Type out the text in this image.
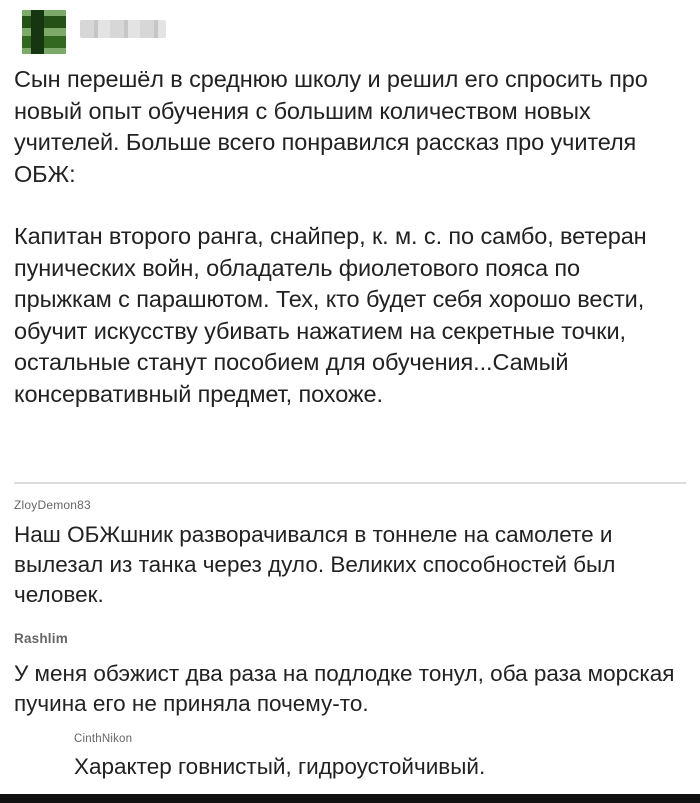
Сын перешёл в среднюю школу и решил его спросить про новый опыт обучения с большим количеством новых учителей. Больше всего понравился рассказ про учителя ОБЖ:

Капитан второго ранга, снайпер, к. м. с. по самбо, ветеран пунических войн, обладатель фиолетового пояса по прыжкам с парашютом. Тех, кто будет себя хорошо вести, обучит искусству убивать нажатием на секретные точки, остальные станут пособием для обучения...Самый консервативный предмет, похоже.

ZloyDemon83
Наш ОБЖшник разворачивался в тоннеле на самолете и вылезал из танка через дуло. Великих способностей был человек.
Rashlim
У меня обэжист два раза на подлодке тонул, оба раза морская пучина его не приняла почему-то.
CinthNikon
Характер говнистый, гидроустойчивый.
